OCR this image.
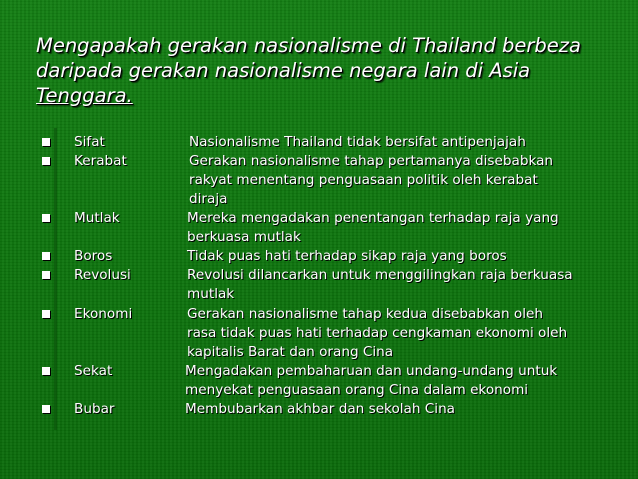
Mengapakah gerakan nasionalisme di Thailand berbeza
daripada gerakan nasionalisme negara lain di Asia
Tenggara.
Sifat	Nasionalisme Thailand tidak bersifat antipenjajah
Kerabat	Gerakan nasionalisme tahap pertamanya disebabkan
rakyat menentang penguasaan politik oleh kerabat
diraja
Mutlak	Mereka mengadakan penentangan terhadap raja yang
berkuasa mutlak
Boros	Tidak puas hati terhadap sikap raja yang boros
Revolusi	Revolusi dilancarkan untuk menggilingkan raja berkuasa
mutlak
Ekonomi	Gerakan nasionalisme tahap kedua disebabkan oleh
rasa tidak puas hati terhadap cengkaman ekonomi oleh
kapitalis Barat dan orang Cina
Sekat	Mengadakan pembaharuan dan undang-undang untuk
menyekat penguasaan orang Cina dalam ekonomi
Bubar	Membubarkan akhbar dan sekolah Cina
